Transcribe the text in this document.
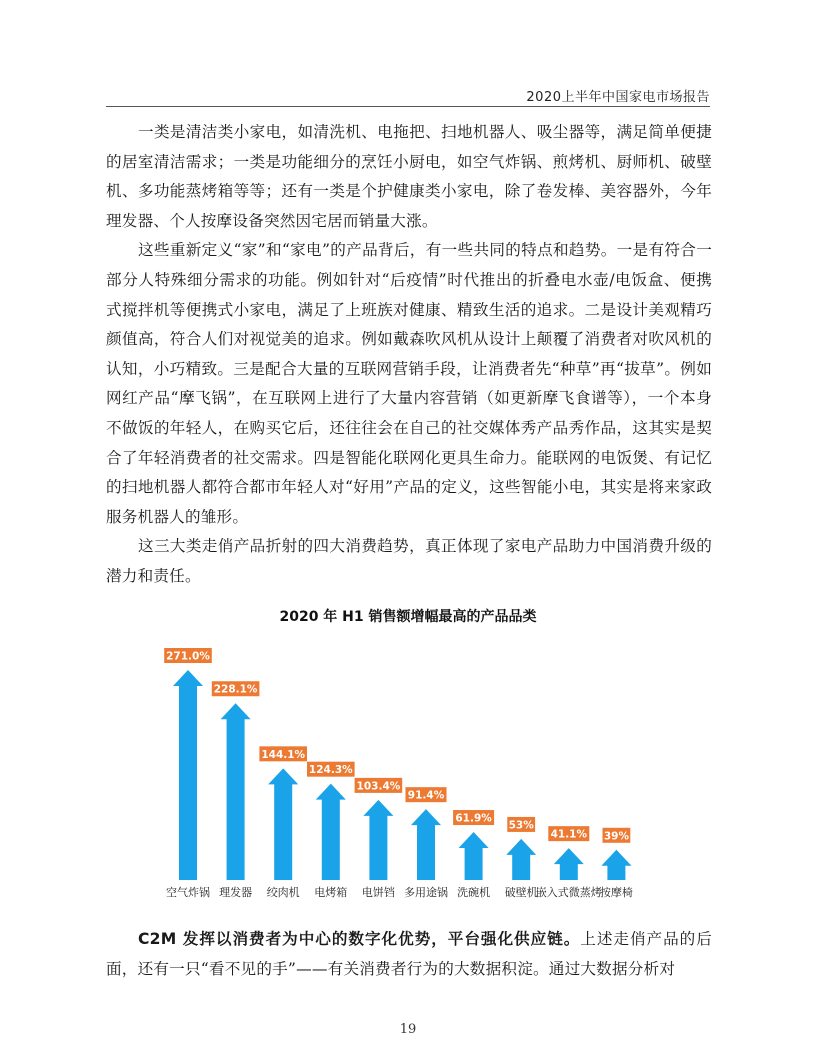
2020上半年中国家电市场报告

一类是清洁类小家电，如清洗机、电拖把、扫地机器人、吸尘器等，满足简单便捷的居室清洁需求；一类是功能细分的烹饪小厨电，如空气炸锅、煎烤机、厨师机、破壁机、多功能蒸烤箱等等；还有一类是个护健康类小家电，除了卷发棒、美容器外，今年理发器、个人按摩设备突然因宅居而销量大涨。

这些重新定义“家”和“家电”的产品背后，有一些共同的特点和趋势。一是有符合一部分人特殊细分需求的功能。例如针对“后疫情”时代推出的折叠电水壶/电饭盒、便携式搅拌机等便携式小家电，满足了上班族对健康、精致生活的追求。二是设计美观精巧颜值高，符合人们对视觉美的追求。例如戴森吹风机从设计上颠覆了消费者对吹风机的认知，小巧精致。三是配合大量的互联网营销手段，让消费者先“种草”再“拔草”。例如网红产品“摩飞锅”，在互联网上进行了大量内容营销（如更新摩飞食谱等），一个本身不做饭的年轻人，在购买它后，还往往会在自己的社交媒体秀产品秀作品，这其实是契合了年轻消费者的社交需求。四是智能化联网化更具生命力。能联网的电饭煲、有记忆的扫地机器人都符合都市年轻人对“好用”产品的定义，这些智能小电，其实是将来家政服务机器人的雏形。

这三大类走俏产品折射的四大消费趋势，真正体现了家电产品助力中国消费升级的潜力和责任。

2020 年 H1 销售额增幅最高的产品品类
271.0%
空气炸锅
228.1%
理发器
144.1%
绞肉机
124.3%
电烤箱
103.4%
电饼铛
91.4%
多用途锅
61.9%
洗碗机
53%
破壁机
41.1%
嵌入式微蒸烤
39%
按摩椅

C2M 发挥以消费者为中心的数字化优势，平台强化供应链。上述走俏产品的后面，还有一只“看不见的手”——有关消费者行为的大数据积淀。通过大数据分析对

19
